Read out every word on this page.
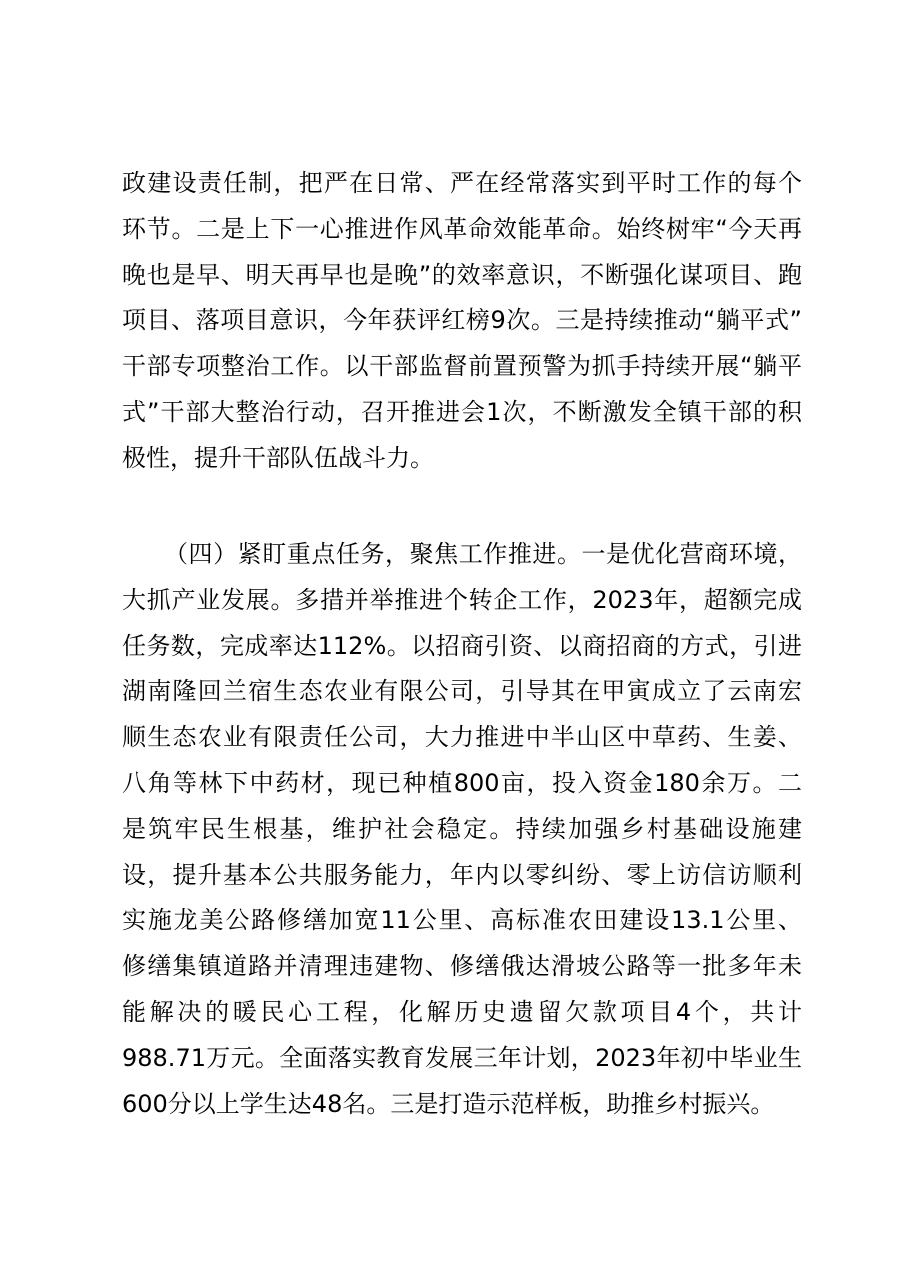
政建设责任制，把严在日常、严在经常落实到平时工作的每个
环节。二是上下一心推进作风革命效能革命。始终树牢“今天再
晚也是早、明天再早也是晚”的效率意识，不断强化谋项目、跑
项目、落项目意识，今年获评红榜9次。三是持续推动“躺平式”
干部专项整治工作。以干部监督前置预警为抓手持续开展“躺平
式”干部大整治行动，召开推进会1次，不断激发全镇干部的积
极性，提升干部队伍战斗力。
（四）紧盯重点任务，聚焦工作推进。一是优化营商环境，
大抓产业发展。多措并举推进个转企工作，2023年，超额完成
任务数，完成率达112%。以招商引资、以商招商的方式，引进
湖南隆回兰宿生态农业有限公司，引导其在甲寅成立了云南宏
顺生态农业有限责任公司，大力推进中半山区中草药、生姜、
八角等林下中药材，现已种植800亩，投入资金180余万。二
是筑牢民生根基，维护社会稳定。持续加强乡村基础设施建
设，提升基本公共服务能力，年内以零纠纷、零上访信访顺利
实施龙美公路修缮加宽11公里、高标准农田建设13.1公里、
修缮集镇道路并清理违建物、修缮俄达滑坡公路等一批多年未
能解决的暖民心工程，化解历史遗留欠款项目4个，共计
988.71万元。全面落实教育发展三年计划，2023年初中毕业生
600分以上学生达48名。三是打造示范样板，助推乡村振兴。
